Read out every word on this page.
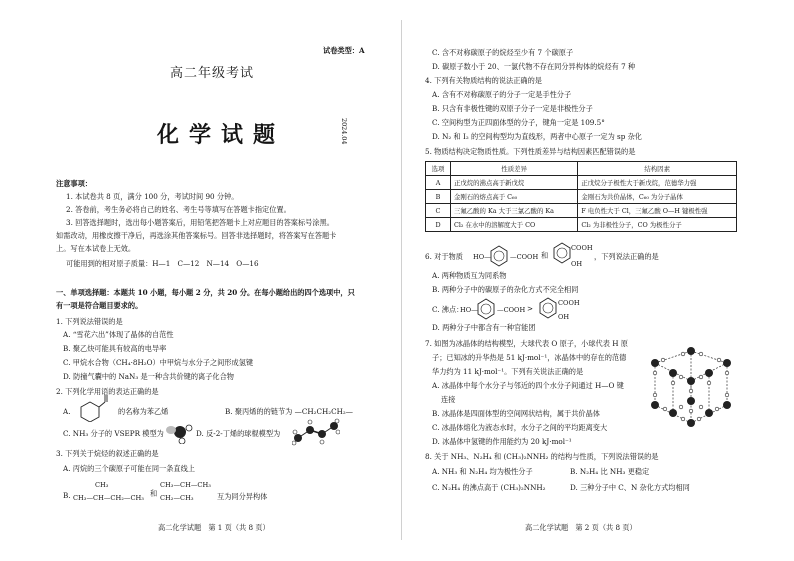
试卷类型：A
高二年级考试
化学试题	2024.04
注意事项：
1. 本试卷共 8 页，满分 100 分，考试时间 90 分钟。
2. 答卷前，考生务必将自己的姓名、考生号等填写在答题卡指定位置。
3. 回答选择题时，选出每小题答案后，用铅笔把答题卡上对应题目的答案标号涂黑。
如需改动，用橡皮擦干净后，再选涂其他答案标号。回答非选择题时，将答案写在答题卡
上。写在本试卷上无效。
可能用到的相对原子质量：H—1　C—12　N—14　O—16
一、单项选择题：本题共 10 小题，每小题 2 分，共 20 分。在每小题给出的四个选项中，只
有一项是符合题目要求的。
1. 下列说法错误的是
A. “雪花六出”体现了晶体的自范性
B. 聚乙炔可能具有较高的电导率
C. 甲烷水合物（CH₄·8H₂O）中甲烷与水分子之间形成氢键
D. 防撞气囊中的 NaN₃ 是一种含共价键的离子化合物
2. 下列化学用语的表达正确的是
A.	的名称为苯乙烯	B. 聚丙烯的的链节为 —CH₂CH₂CH₂—
C. NH₃ 分子的 VSEPR 模型为	D. 反-2-丁烯的球棍模型为
3. 下列关于烷烃的叙述正确的是
A. 丙烷的三个碳原子可能在同一条直线上
B.
CH₃
CH₃—CH—CH₂—CH₃ 和
CH₃—CH—CH₃
CH₂—CH₃	互为同分异构体
高二化学试题　第 1 页（共 8 页）
C. 含不对称碳原子的烷烃至少有 7 个碳原子
D. 碳原子数小于 20、一氯代物不存在同分异构体的烷烃有 7 种
4. 下列有关物质结构的说法正确的是
A. 含有不对称碳原子的分子一定是手性分子
B. 只含有非极性键的双原子分子一定是非极性分子
C. 空间构型为正四面体型的分子，键角一定是 109.5°
D. N₂ 和 I₂ 的空间构型均为直线形，两者中心原子一定为 sp 杂化
5. 物质结构决定物质性质。下列性质差异与结构因素匹配错误的是
选项	性质差异	结构因素
A	正戊烷的沸点高于新戊烷	正戊烷分子极性大于新戊烷，范德华力强
B	金刚石的熔点高于 C₆₀	金刚石为共价晶体，C₆₀ 为分子晶体
C	三氟乙酸的 Ka 大于三氯乙酸的 Ka	F 电负性大于 Cl，三氟乙酸 O—H 键极性强
D	Cl₂ 在水中的溶解度大于 CO	Cl₂ 为非极性分子，CO 为极性分子
6. 对于物质 HO—	—COOH 和
COOH
OH
，下列说法正确的是
A. 两种物质互为同系物
B. 两种分子中的碳原子的杂化方式不完全相同
C. 沸点：
HO—	—COOH >
COOH
OH
D. 两种分子中都含有一种官能团
7. 如图为冰晶体的结构模型，大球代表 O 原子，小球代表 H 原
子；已知冰的升华热是 51 kJ·mol⁻¹，冰晶体中的存在的范德
华力约为 11 kJ·mol⁻¹。下列有关说法正确的是
A. 冰晶体中每个水分子与邻近的四个水分子间通过 H—O 键
连接
B. 冰晶体是四面体型的空间网状结构，属于共价晶体
C. 冰晶体熔化为液态水时，水分子之间的平均距离变大
D. 冰晶体中氢键的作用能约为 20 kJ·mol⁻¹
8. 关于 NH₃、N₂H₄ 和 (CH₃)₂NNH₂ 的结构与性质，下列说法错误的是
A. NH₃ 和 N₂H₄ 均为极性分子	B. N₂H₄ 比 NH₃ 更稳定
C. N₂H₄ 的沸点高于 (CH₃)₂NNH₂	D. 三种分子中 C、N 杂化方式均相同
高二化学试题　第 2 页（共 8 页）
